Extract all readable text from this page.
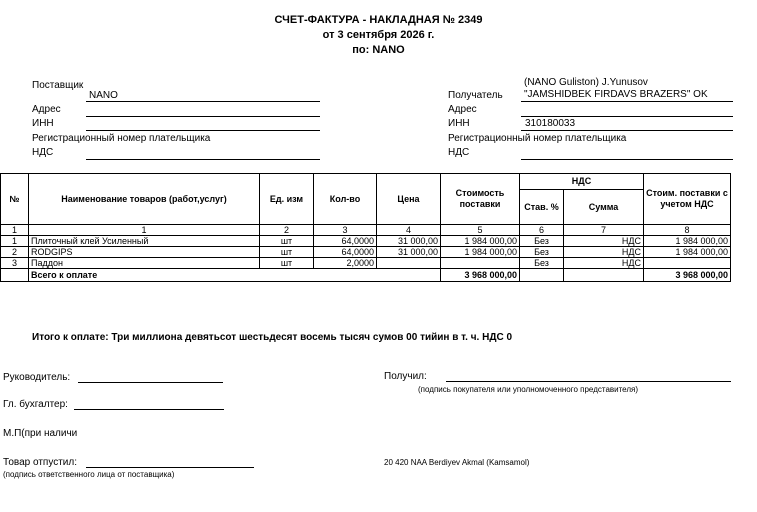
СЧЕТ-ФАКТУРА - НАКЛАДНАЯ № 2349
от 3 сентября 2026 г.
по: NANO
Поставщик
NANO
Адрес
ИНН
Регистрационный номер плательщика
НДС
(NANO Guliston) J.Yunusov
Получатель "JAMSHIDBEK FIRDAVS BRAZERS" OK
Адрес
ИНН	310180033
Регистрационный номер плательщика
НДС
№	Наименование товаров (работ,услуг)	Ед. изм	Кол-во	Цена	Стоимость поставки	НДС		Стоим. поставки с учетом НДС
						Став. %	Сумма	
1	1	2	3	4	5	6	7	8
1	Плиточный клей Усиленный	шт	64,0000	31 000,00	1 984 000,00	Без	НДС	1 984 000,00
2	RODGIPS	шт	64,0000	31 000,00	1 984 000,00	Без	НДС	1 984 000,00
3	Паддон	шт	2,0000			Без	НДС	
	Всего к оплате				3 968 000,00			3 968 000,00
Итого к оплате: Три миллиона девятьсот шестьдесят восемь тысяч сумов 00 тийин в т. ч. НДС 0
Руководитель:
Гл. бухгалтер:
М.П(при наличи
Товар отпустил:
(подпись ответственного лица от поставщика)
Получил:
(подпись покупателя или уполномоченного представителя)
20 420 NAA Berdiyev Akmal (Kamsamol)
